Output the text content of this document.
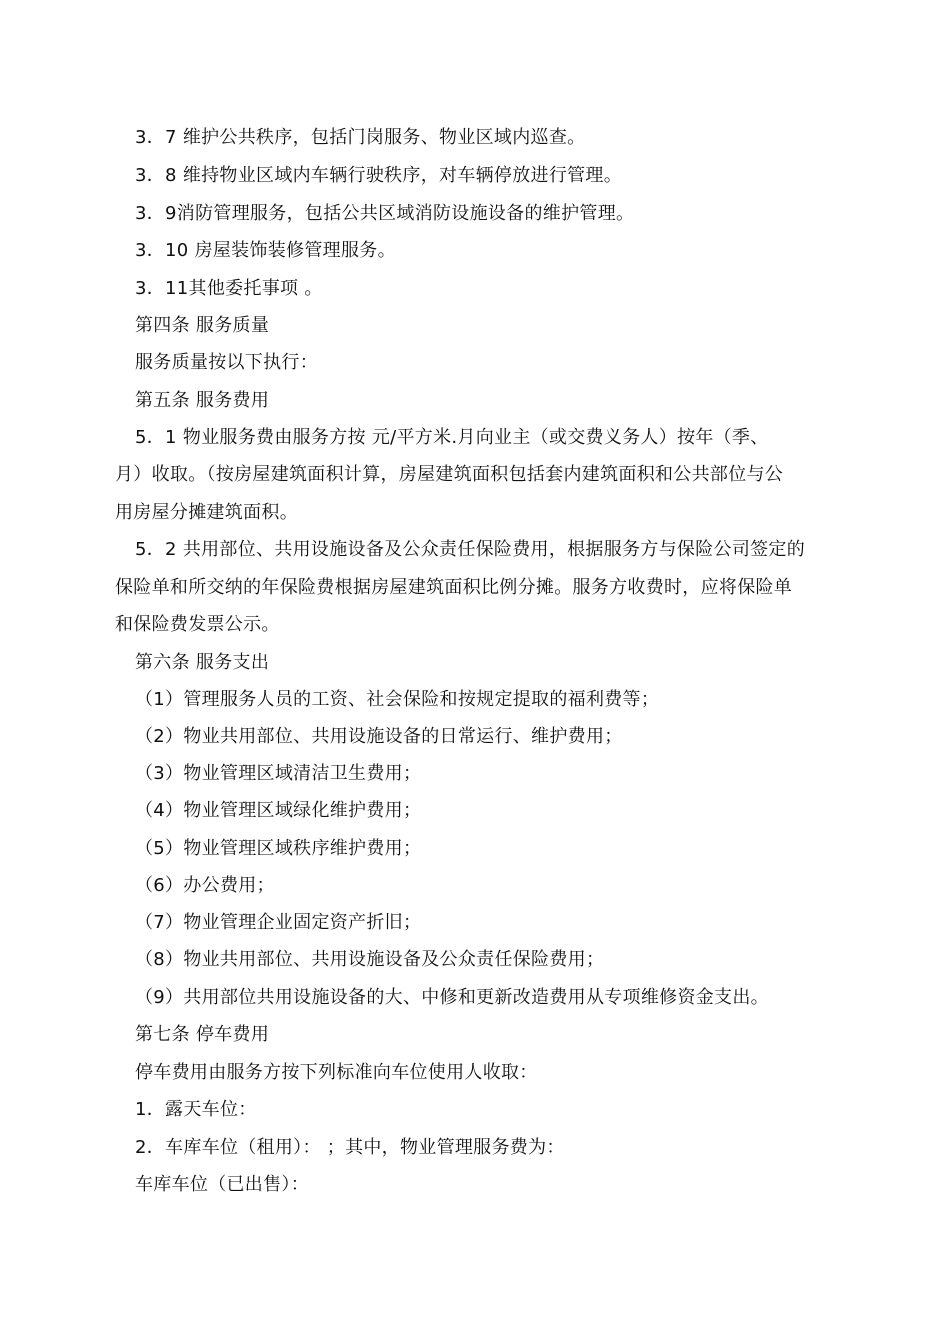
3．7 维护公共秩序，包括门岗服务、物业区域内巡查。
3．8 维持物业区域内车辆行驶秩序，对车辆停放进行管理。
3．9消防管理服务，包括公共区域消防设施设备的维护管理。
3．10 房屋装饰装修管理服务。
3．11其他委托事项 。
第四条 服务质量
服务质量按以下执行：
第五条 服务费用
5．1 物业服务费由服务方按 元/平方米.月向业主（或交费义务人）按年（季、
月）收取。（按房屋建筑面积计算，房屋建筑面积包括套内建筑面积和公共部位与公
用房屋分摊建筑面积。
5．2 共用部位、共用设施设备及公众责任保险费用，根据服务方与保险公司签定的
保险单和所交纳的年保险费根据房屋建筑面积比例分摊。服务方收费时，应将保险单
和保险费发票公示。
第六条 服务支出
（1）管理服务人员的工资、社会保险和按规定提取的福利费等；
（2）物业共用部位、共用设施设备的日常运行、维护费用；
（3）物业管理区域清洁卫生费用；
（4）物业管理区域绿化维护费用；
（5）物业管理区域秩序维护费用；
（6）办公费用；
（7）物业管理企业固定资产折旧；
（8）物业共用部位、共用设施设备及公众责任保险费用；
（9）共用部位共用设施设备的大、中修和更新改造费用从专项维修资金支出。
第七条 停车费用
停车费用由服务方按下列标准向车位使用人收取：
1．露天车位：
2．车库车位（租用）： ；其中，物业管理服务费为：
车库车位（已出售）：
